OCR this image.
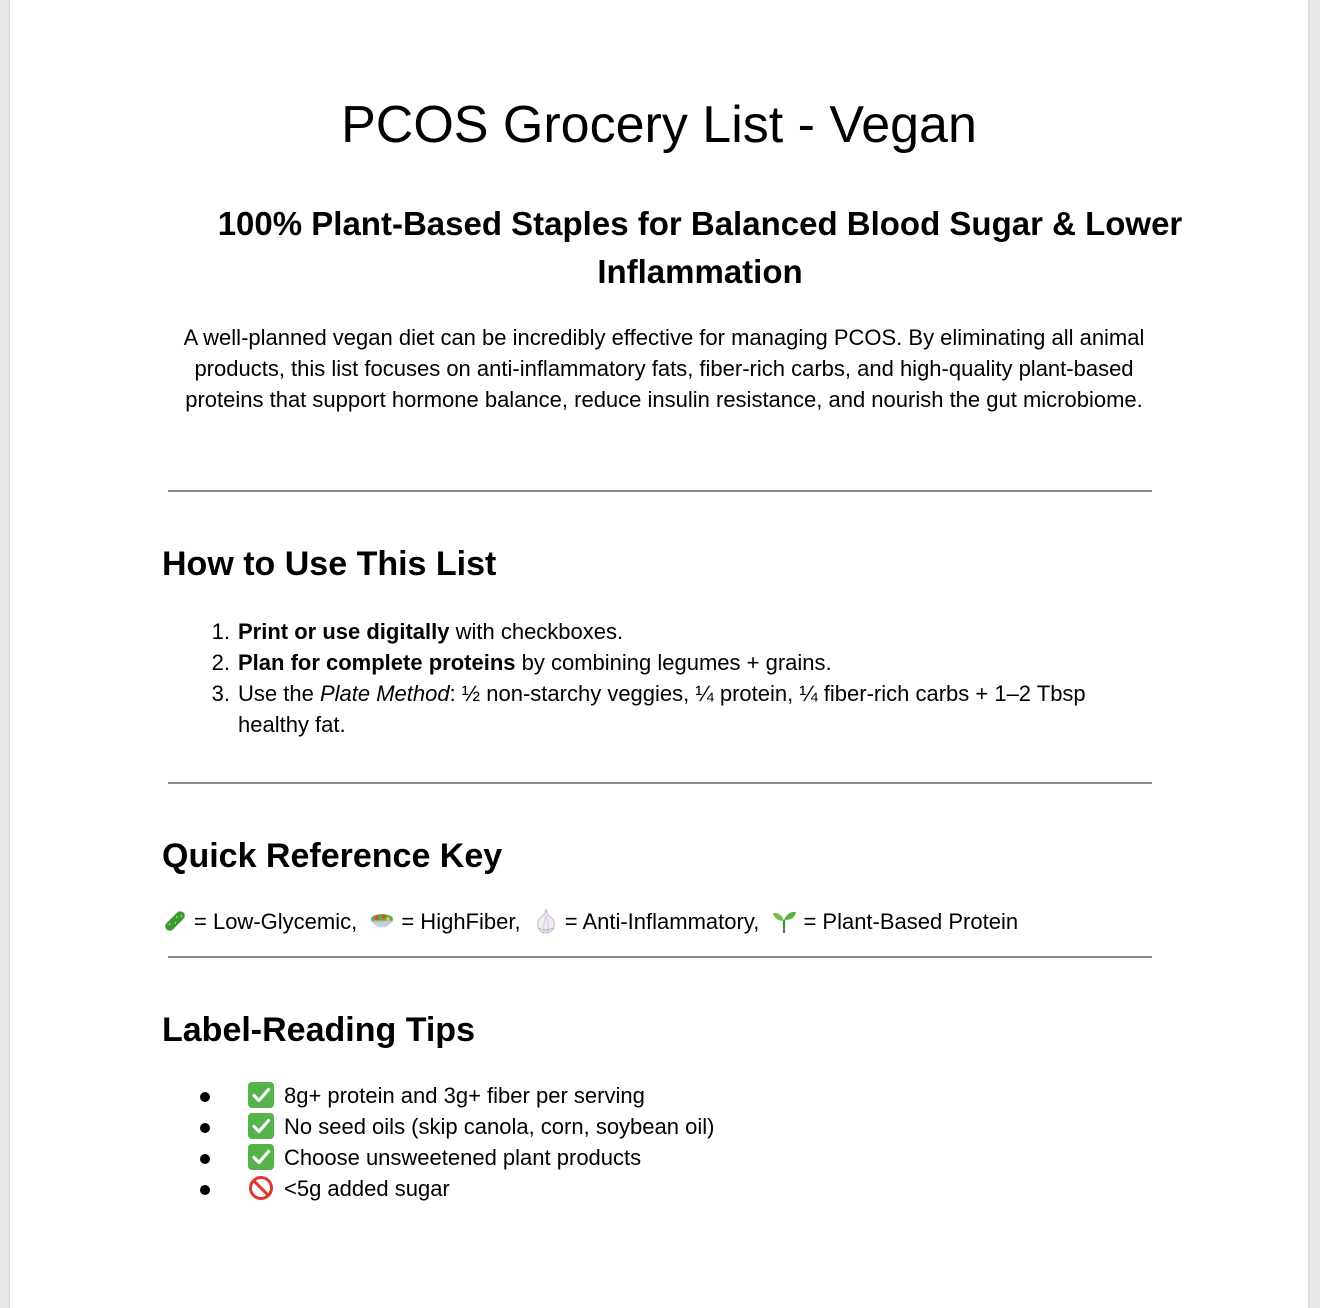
PCOS Grocery List - Vegan
100% Plant-Based Staples for Balanced Blood Sugar & Lower Inflammation

A well-planned vegan diet can be incredibly effective for managing PCOS. By eliminating all animal products, this list focuses on anti-inflammatory fats, fiber-rich carbs, and high-quality plant-based proteins that support hormone balance, reduce insulin resistance, and nourish the gut microbiome.

How to Use This List
1. Print or use digitally with checkboxes.
2. Plan for complete proteins by combining legumes + grains.
3. Use the Plate Method: ½ non-starchy veggies, ¼ protein, ¼ fiber-rich carbs + 1–2 Tbsp healthy fat.
Quick Reference Key

= Low-Glycemic, = HighFiber, = Anti-Inflammatory, = Plant-Based Protein

Label-Reading Tips
8g+ protein and 3g+ fiber per serving
No seed oils (skip canola, corn, soybean oil)
Choose unsweetened plant products
<5g added sugar
